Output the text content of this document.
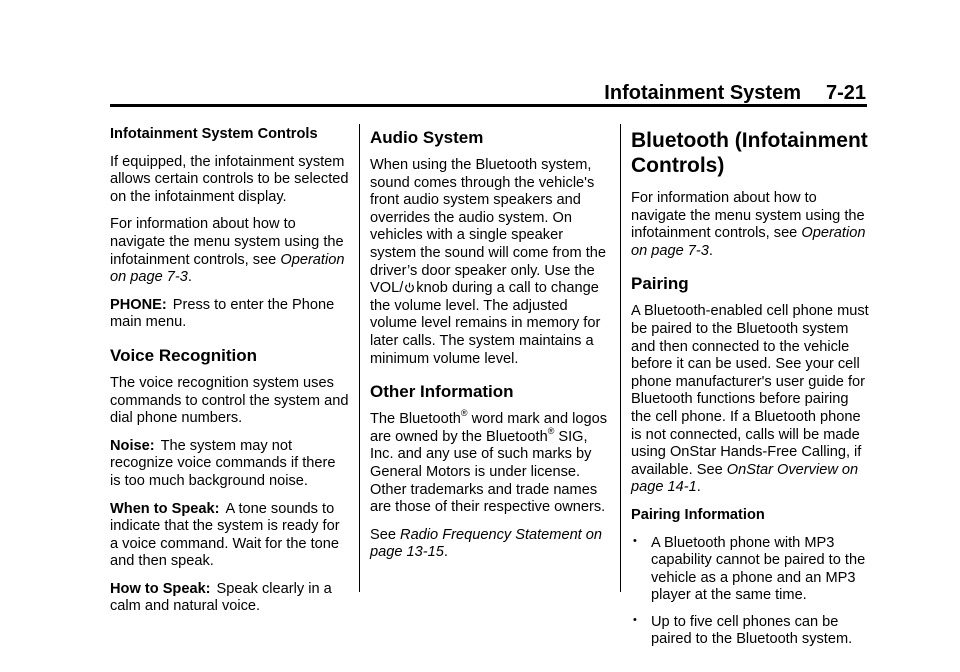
Infotainment System 7-21

Infotainment System Controls

If equipped, the infotainment system allows certain controls to be selected on the infotainment display.

For information about how to navigate the menu system using the infotainment controls, see Operation on page 7-3.

PHONE: Press to enter the Phone main menu.

Voice Recognition

The voice recognition system uses commands to control the system and dial phone numbers.

Noise: The system may not recognize voice commands if there is too much background noise.

When to Speak: A tone sounds to indicate that the system is ready for a voice command. Wait for the tone and then speak.

How to Speak: Speak clearly in a calm and natural voice.

Audio System

When using the Bluetooth system, sound comes through the vehicle's front audio system speakers and overrides the audio system. On vehicles with a single speaker system the sound will come from the driver’s door speaker only. Use the VOL/ knob during a call to change the volume level. The adjusted volume level remains in memory for later calls. The system maintains a minimum volume level.

Other Information

The Bluetooth® word mark and logos are owned by the Bluetooth® SIG, Inc. and any use of such marks by General Motors is under license. Other trademarks and trade names are those of their respective owners.

See Radio Frequency Statement on page 13-15.

Bluetooth (Infotainment Controls)

For information about how to navigate the menu system using the infotainment controls, see Operation on page 7-3.

Pairing

A Bluetooth-enabled cell phone must be paired to the Bluetooth system and then connected to the vehicle before it can be used. See your cell phone manufacturer's user guide for Bluetooth functions before pairing the cell phone. If a Bluetooth phone is not connected, calls will be made using OnStar Hands-Free Calling, if available. See OnStar Overview on page 14-1.

Pairing Information

• A Bluetooth phone with MP3 capability cannot be paired to the vehicle as a phone and an MP3 player at the same time.
• Up to five cell phones can be paired to the Bluetooth system.
